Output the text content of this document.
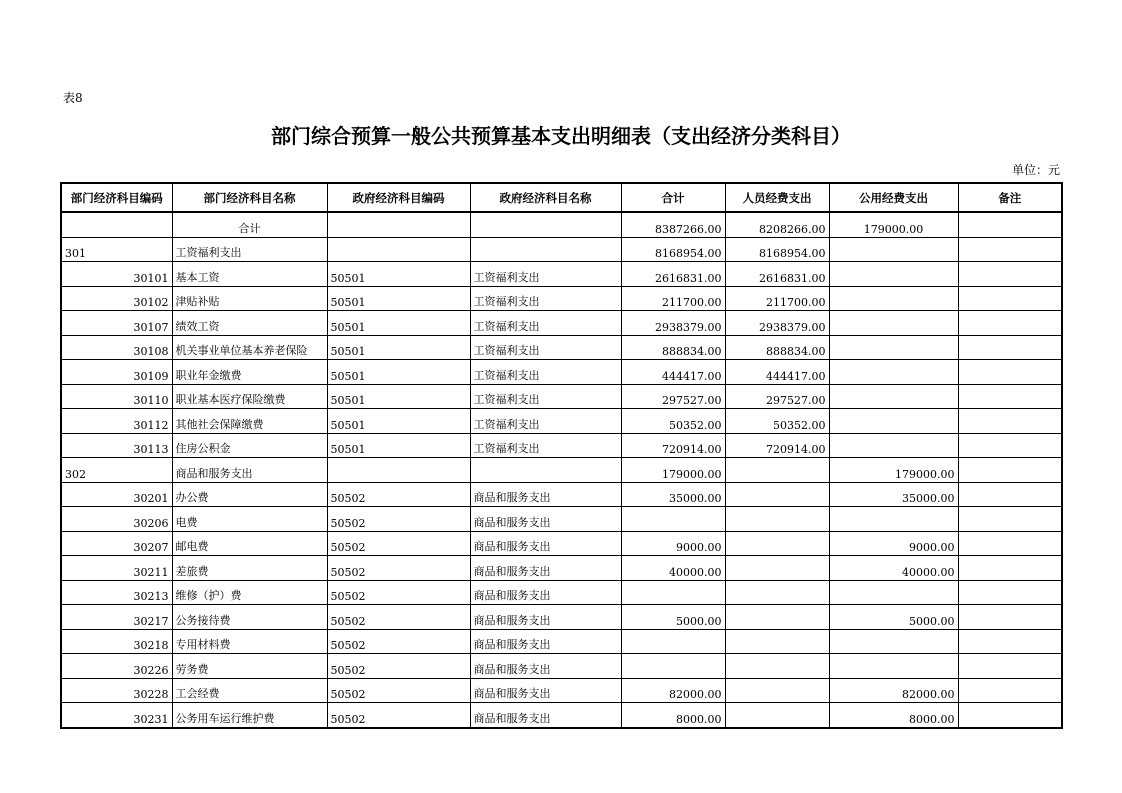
表8
部门综合预算一般公共预算基本支出明细表（支出经济分类科目）
单位：元
部门经济科目编码	部门经济科目名称	政府经济科目编码	政府经济科目名称	合计	人员经费支出	公用经费支出	备注
	合计			8387266.00	8208266.00	179000.00	
301	工资福利支出			8168954.00	8168954.00		
30101	基本工资	50501	工资福利支出	2616831.00	2616831.00		
30102	津贴补贴	50501	工资福利支出	211700.00	211700.00		
30107	绩效工资	50501	工资福利支出	2938379.00	2938379.00		
30108	机关事业单位基本养老保险	50501	工资福利支出	888834.00	888834.00		
30109	职业年金缴费	50501	工资福利支出	444417.00	444417.00		
30110	职业基本医疗保险缴费	50501	工资福利支出	297527.00	297527.00		
30112	其他社会保障缴费	50501	工资福利支出	50352.00	50352.00		
30113	住房公积金	50501	工资福利支出	720914.00	720914.00		
302	商品和服务支出			179000.00		179000.00	
30201	办公费	50502	商品和服务支出	35000.00		35000.00	
30206	电费	50502	商品和服务支出				
30207	邮电费	50502	商品和服务支出	9000.00		9000.00	
30211	差旅费	50502	商品和服务支出	40000.00		40000.00	
30213	维修（护）费	50502	商品和服务支出				
30217	公务接待费	50502	商品和服务支出	5000.00		5000.00	
30218	专用材料费	50502	商品和服务支出				
30226	劳务费	50502	商品和服务支出				
30228	工会经费	50502	商品和服务支出	82000.00		82000.00	
30231	公务用车运行维护费	50502	商品和服务支出	8000.00		8000.00	
